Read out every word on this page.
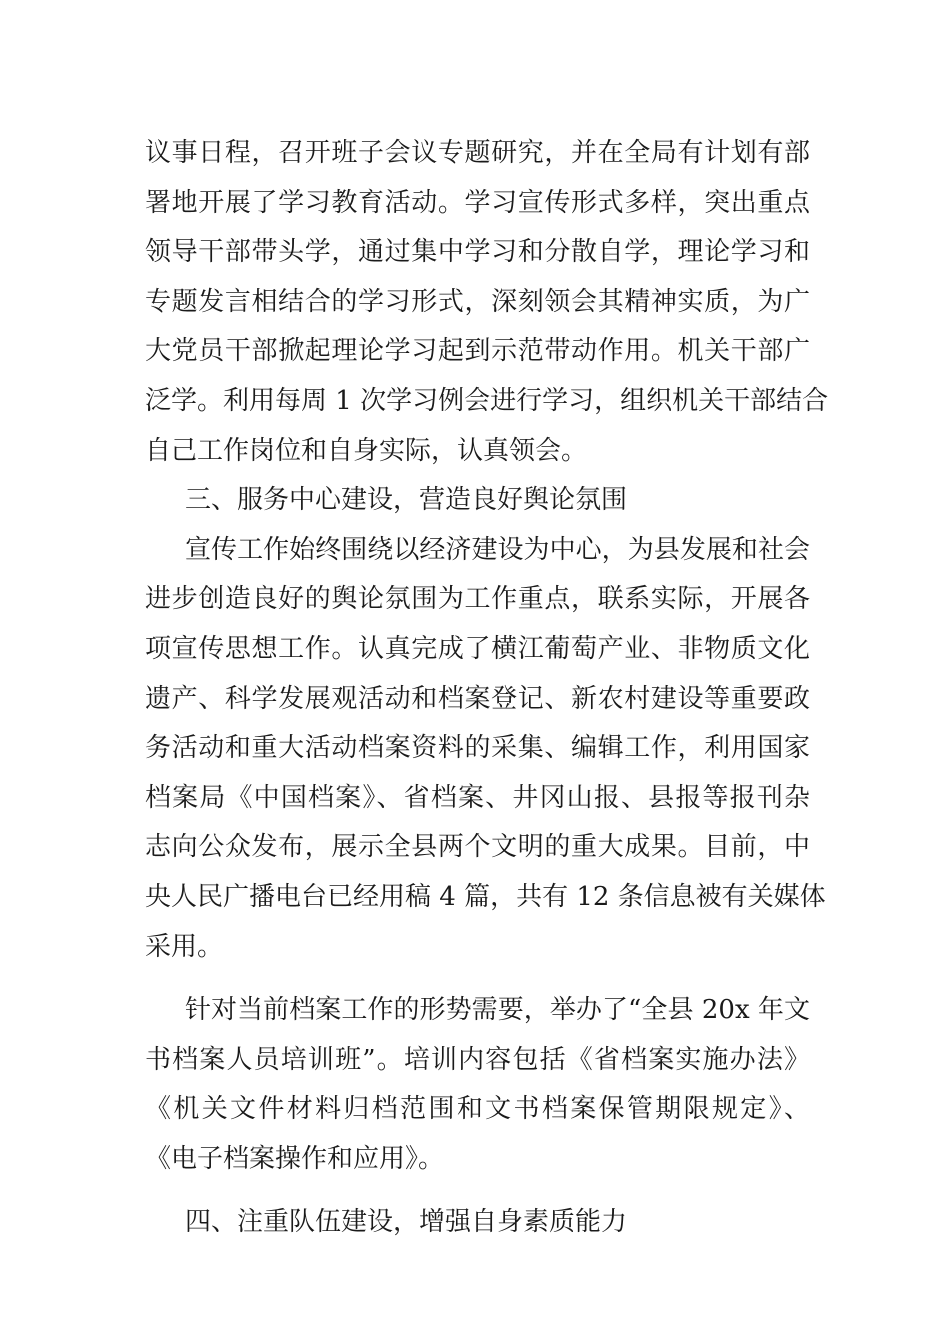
议事日程，召开班子会议专题研究，并在全局有计划有部
署地开展了学习教育活动。学习宣传形式多样，突出重点
领导干部带头学，通过集中学习和分散自学，理论学习和
专题发言相结合的学习形式，深刻领会其精神实质，为广
大党员干部掀起理论学习起到示范带动作用。机关干部广
泛学。利用每周 1 次学习例会进行学习，组织机关干部结合
自己工作岗位和自身实际，认真领会。
三、服务中心建设，营造良好舆论氛围
宣传工作始终围绕以经济建设为中心，为县发展和社会
进步创造良好的舆论氛围为工作重点，联系实际，开展各
项宣传思想工作。认真完成了横江葡萄产业、非物质文化
遗产、科学发展观活动和档案登记、新农村建设等重要政
务活动和重大活动档案资料的采集、编辑工作，利用国家
档案局《中国档案》、省档案、井冈山报、县报等报刊杂
志向公众发布，展示全县两个文明的重大成果。目前，中
央人民广播电台已经用稿 4 篇，共有 12 条信息被有关媒体
采用。
针对当前档案工作的形势需要，举办了“全县 20x 年文
书档案人员培训班”。培训内容包括《省档案实施办法》
《机关文件材料归档范围和文书档案保管期限规定》、
《电子档案操作和应用》。
四、注重队伍建设，增强自身素质能力
